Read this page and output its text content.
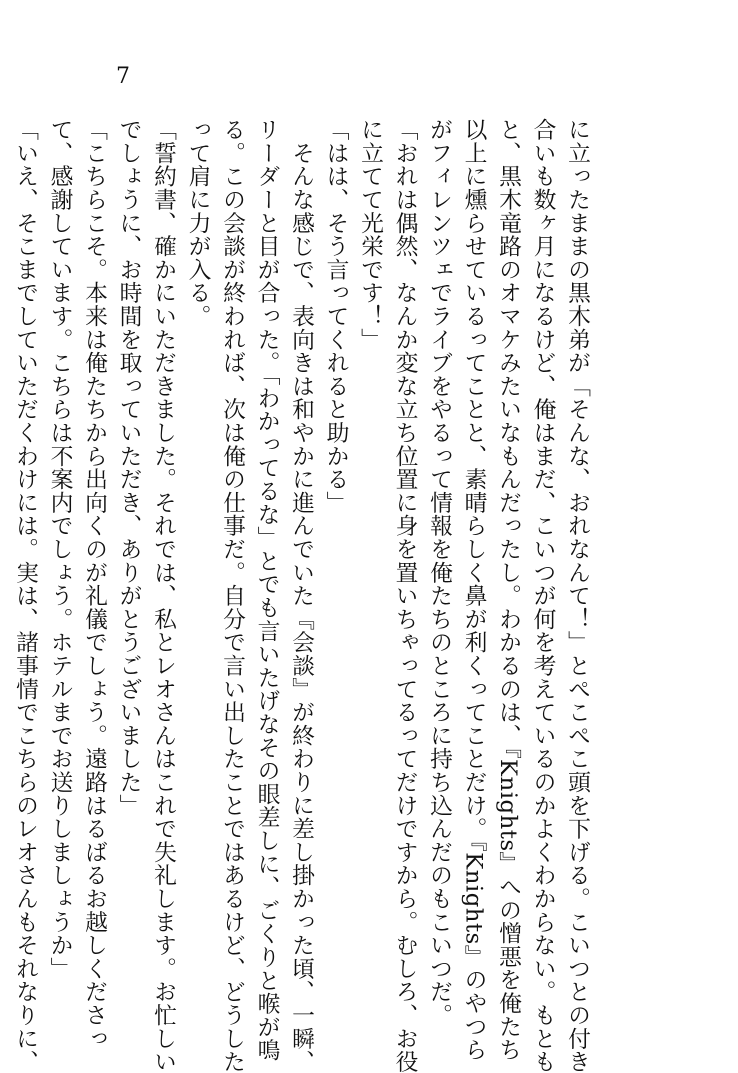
7
に立ったままの黒木弟が「そんな、おれなんて！」とぺこぺこ頭を下げる。こいつとの付き
合いも数ヶ月になるけど、俺はまだ、こいつが何を考えているのかよくわからない。もとも
と、黒木竜路のオマケみたいなもんだったし。わかるのは、『Knights』への憎悪を俺たち
以上に燻らせているってことと、素晴らしく鼻が利くってことだけ。『Knights』のやつら
がフィレンツェでライブをやるって情報を俺たちのところに持ち込んだのもこいつだ。
「おれは偶然、なんか変な立ち位置に身を置いちゃってるってだけですから。むしろ、お役
に立てて光栄です！」
「はは、そう言ってくれると助かる」
　そんな感じで、表向きは和やかに進んでいた『会談』が終わりに差し掛かった頃、一瞬、
リーダーと目が合った。「わかってるな」とでも言いたげなその眼差しに、ごくりと喉が鳴
る。この会談が終われば、次は俺の仕事だ。自分で言い出したことではあるけど、どうした
って肩に力が入る。
「誓約書、確かにいただきました。それでは、私とレオさんはこれで失礼します。お忙しい
でしょうに、お時間を取っていただき、ありがとうございました」
「こちらこそ。本来は俺たちから出向くのが礼儀でしょう。遠路はるばるお越しくださっ
て、感謝しています。こちらは不案内でしょう。ホテルまでお送りしましょうか」
「いえ、そこまでしていただくわけには。実は、諸事情でこちらのレオさんもそれなりに、
